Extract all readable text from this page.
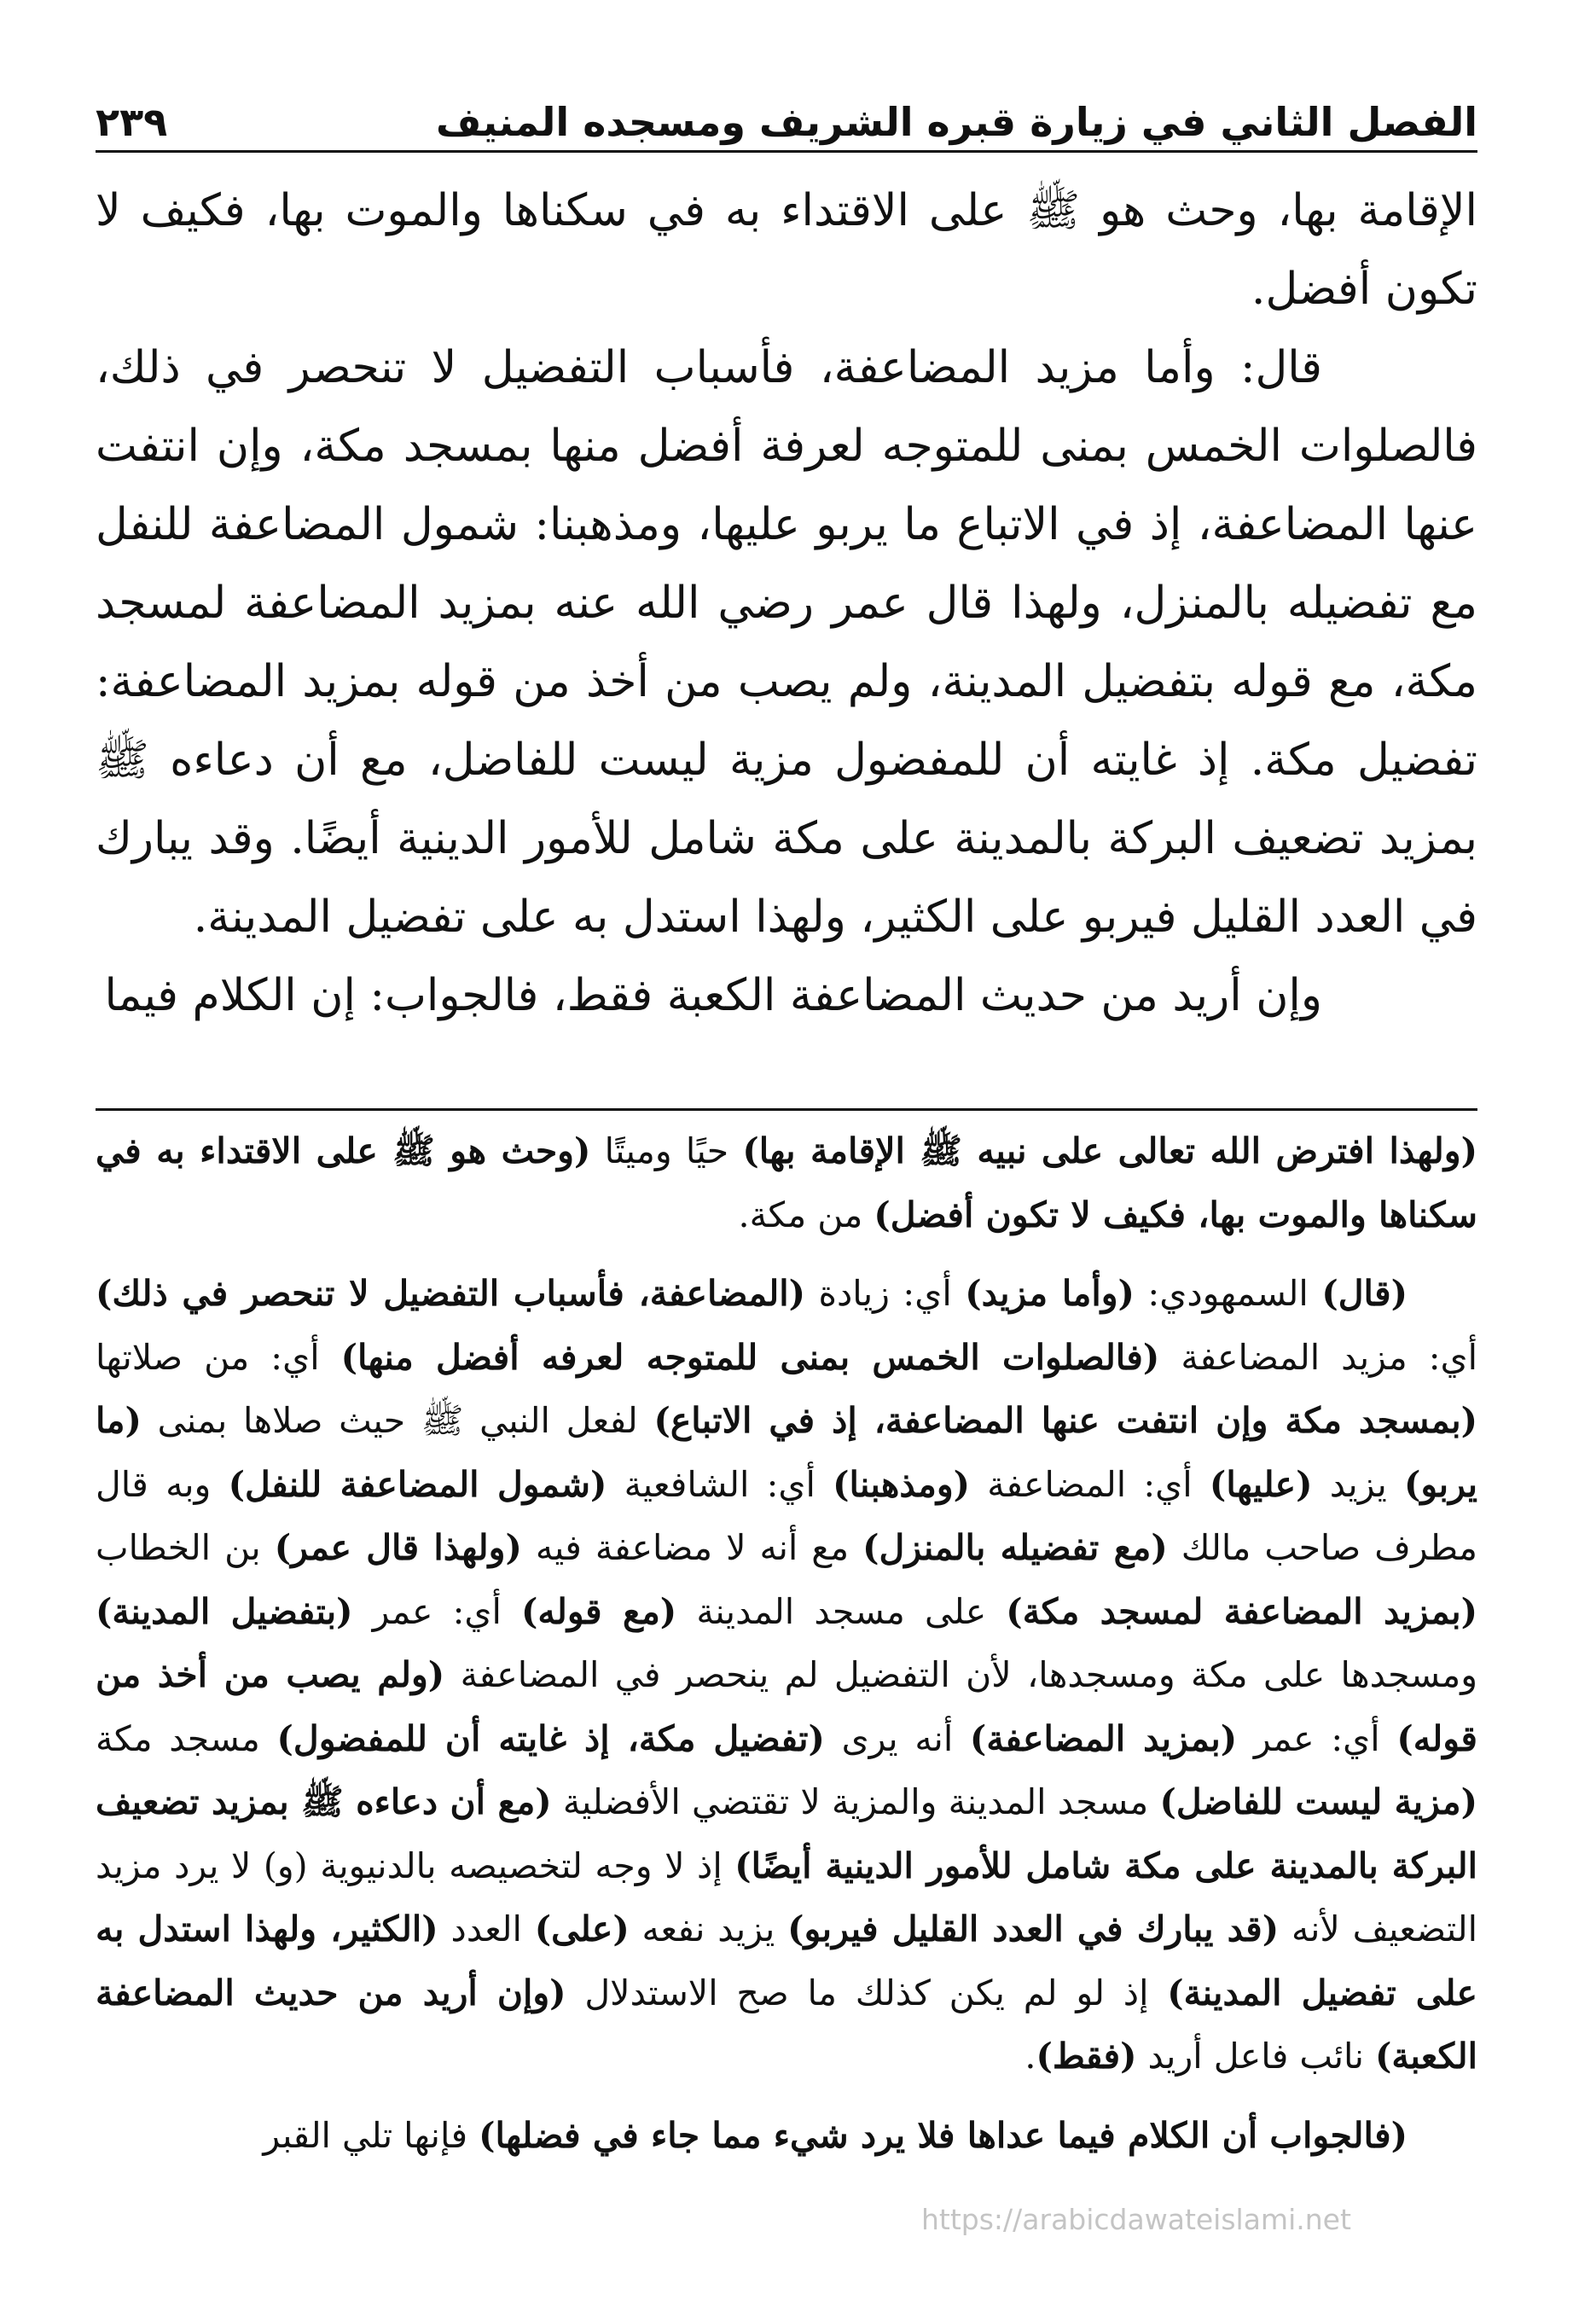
الفصل الثاني في زيارة قبره الشريف ومسجده المنيف
٢٣٩

الإقامة بها، وحث هو ﷺ على الاقتداء به في سكناها والموت بها، فكيف لا تكون أفضل.

قال: وأما مزيد المضاعفة، فأسباب التفضيل لا تنحصر في ذلك، فالصلوات الخمس بمنى للمتوجه لعرفة أفضل منها بمسجد مكة، وإن انتفت عنها المضاعفة، إذ في الاتباع ما يربو عليها، ومذهبنا: شمول المضاعفة للنفل مع تفضيله بالمنزل، ولهذا قال عمر رضي الله عنه بمزيد المضاعفة لمسجد مكة، مع قوله بتفضيل المدينة، ولم يصب من أخذ من قوله بمزيد المضاعفة: تفضيل مكة. إذ غايته أن للمفضول مزية ليست للفاضل، مع أن دعاءه ﷺ بمزيد تضعيف البركة بالمدينة على مكة شامل للأمور الدينية أيضًا. وقد يبارك في العدد القليل فيربو على الكثير، ولهذا استدل به على تفضيل المدينة.

وإن أريد من حديث المضاعفة الكعبة فقط، فالجواب: إن الكلام فيما

(ولهذا افترض الله تعالى على نبيه ﷺ الإقامة بها) حيًا وميتًا (وحث هو ﷺ على الاقتداء به في سكناها والموت بها، فكيف لا تكون أفضل) من مكة.

(قال) السمهودي: (وأما مزيد) أي: زيادة (المضاعفة، فأسباب التفضيل لا تنحصر في ذلك) أي: مزيد المضاعفة (فالصلوات الخمس بمنى للمتوجه لعرفه أفضل منها) أي: من صلاتها (بمسجد مكة وإن انتفت عنها المضاعفة، إذ في الاتباع) لفعل النبي ﷺ حيث صلاها بمنى (ما يربو) يزيد (عليها) أي: المضاعفة (ومذهبنا) أي: الشافعية (شمول المضاعفة للنفل) وبه قال مطرف صاحب مالك (مع تفضيله بالمنزل) مع أنه لا مضاعفة فيه (ولهذا قال عمر) بن الخطاب (بمزيد المضاعفة لمسجد مكة) على مسجد المدينة (مع قوله) أي: عمر (بتفضيل المدينة) ومسجدها على مكة ومسجدها، لأن التفضيل لم ينحصر في المضاعفة (ولم يصب من أخذ من قوله) أي: عمر (بمزيد المضاعفة) أنه يرى (تفضيل مكة، إذ غايته أن للمفضول) مسجد مكة (مزية ليست للفاضل) مسجد المدينة والمزية لا تقتضي الأفضلية (مع أن دعاءه ﷺ بمزيد تضعيف البركة بالمدينة على مكة شامل للأمور الدينية أيضًا) إذ لا وجه لتخصيصه بالدنيوية (و) لا يرد مزيد التضعيف لأنه (قد يبارك في العدد القليل فيربو) يزيد نفعه (على) العدد (الكثير، ولهذا استدل به على تفضيل المدينة) إذ لو لم يكن كذلك ما صح الاستدلال (وإن أريد من حديث المضاعفة الكعبة) نائب فاعل أريد (فقط).

(فالجواب أن الكلام فيما عداها فلا يرد شيء مما جاء في فضلها) فإنها تلي القبر

https://arabicdawateislami.net
